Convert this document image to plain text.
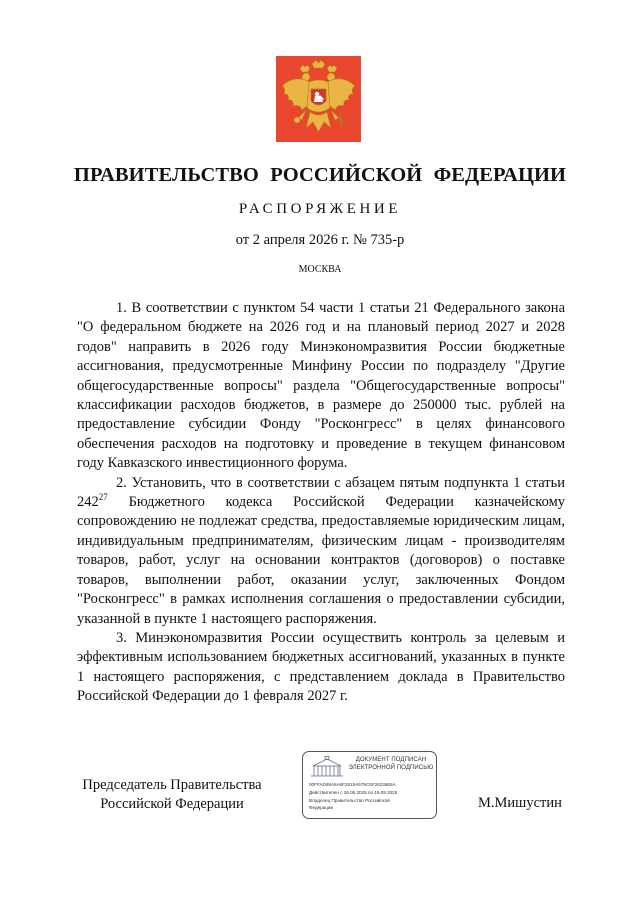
ПРАВИТЕЛЬСТВО РОССИЙСКОЙ ФЕДЕРАЦИИ
РАСПОРЯЖЕНИЕ
от 2 апреля 2026 г. № 735-р
МОСКВА

1. В соответствии с пунктом 54 части 1 статьи 21 Федерального закона "О федеральном бюджете на 2026 год и на плановый период 2027 и 2028 годов" направить в 2026 году Минэкономразвития России бюджетные ассигнования, предусмотренные Минфину России по подразделу "Другие общегосударственные вопросы" раздела "Общегосударственные вопросы" классификации расходов бюджетов, в размере до 250000 тыс. рублей на предоставление субсидии Фонду "Росконгресс" в целях финансового обеспечения расходов на подготовку и проведение в текущем финансовом году Кавказского инвестиционного форума.

2. Установить, что в соответствии с абзацем пятым подпункта 1 статьи $242^{27}$ Бюджетного кодекса Российской Федерации казначейскому сопровождению не подлежат средства, предоставляемые юридическим лицам, индивидуальным предпринимателям, физическим лицам - производителям товаров, работ, услуг на основании контрактов (договоров) о поставке товаров, выполнении работ, оказании услуг, заключенных Фондом "Росконгресс" в рамках исполнения соглашения о предоставлении субсидии, указанной в пункте 1 настоящего распоряжения.

3. Минэкономразвития России осуществить контроль за целевым и эффективным использованием бюджетных ассигнований, указанных в пункте 1 настоящего распоряжения, с представлением доклада в Правительство Российской Федерации до 1 февраля 2027 г.

Председатель Правительства
Российской Федерации
ДОКУМЕНТ ПОДПИСАН
ЭЛЕКТРОННОЙ ПОДПИСЬЮ
00FFAD69A5A6F2615A579C5F2623865A
Действителен с 26.06.2025 по 19.09.2026
Владелец Правительство Российской
Федерации	М.Мишустин
